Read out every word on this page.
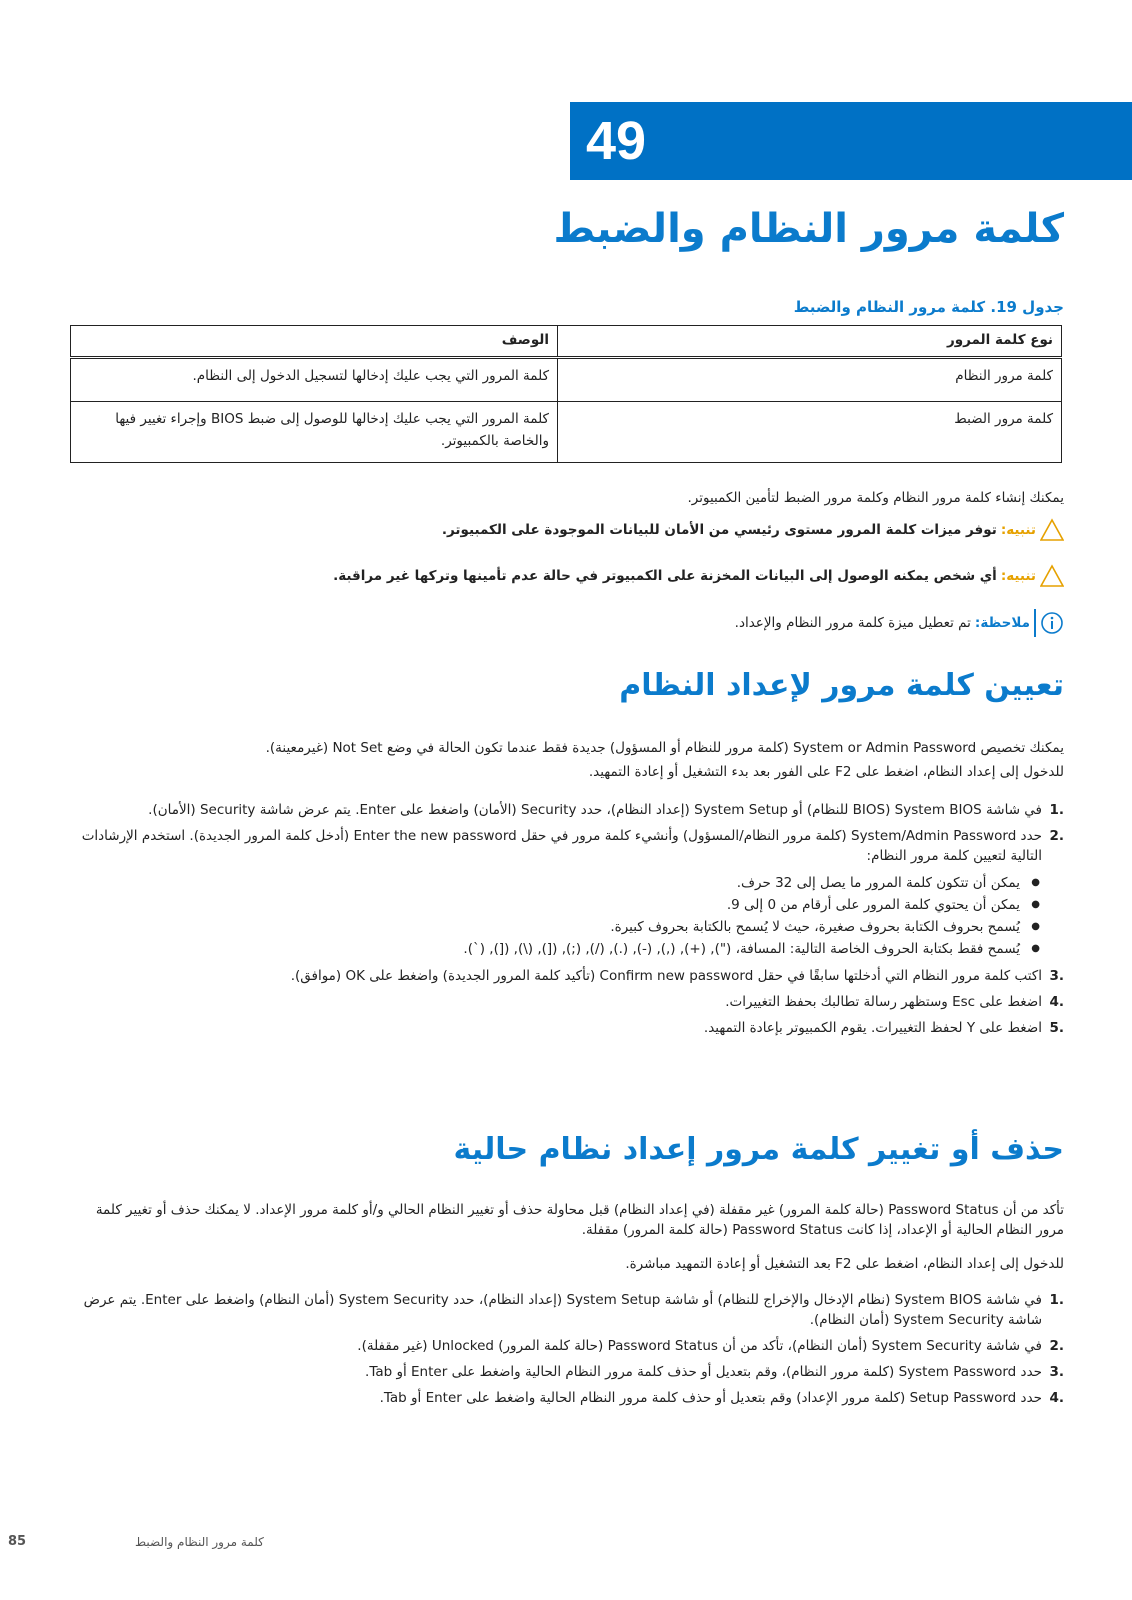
49
كلمة مرور النظام والضبط
جدول 19. كلمة مرور النظام والضبط
نوع كلمة المرور	الوصف
كلمة مرور النظام	كلمة المرور التي يجب عليك إدخالها لتسجيل الدخول إلى النظام.
كلمة مرور الضبط	كلمة المرور التي يجب عليك إدخالها للوصول إلى ضبط BIOS وإجراء تغيير فيها والخاصة بالكمبيوتر.
يمكنك إنشاء كلمة مرور النظام وكلمة مرور الضبط لتأمين الكمبيوتر.
تنبيه:
توفر ميزات كلمة المرور مستوى رئيسي من الأمان للبيانات الموجودة على الكمبيوتر.
تنبيه:
أي شخص يمكنه الوصول إلى البيانات المخزنة على الكمبيوتر في حالة عدم تأمينها وتركها غير مراقبة.
ملاحظة:
تم تعطيل ميزة كلمة مرور النظام والإعداد.
تعيين كلمة مرور لإعداد النظام
يمكنك تخصيص System or Admin Password (كلمة مرور للنظام أو المسؤول) جديدة فقط عندما تكون الحالة في وضع Not Set (غيرمعينة).
للدخول إلى إعداد النظام، اضغط على F2 على الفور بعد بدء التشغيل أو إعادة التمهيد.
.1
في شاشة System BIOS (BIOS للنظام) أو System Setup (إعداد النظام)، حدد Security (الأمان) واضغط على Enter. يتم عرض شاشة Security (الأمان).
.2
حدد System/Admin Password (كلمة مرور النظام/المسؤول) وأنشيء كلمة مرور في حقل Enter the new password (أدخل كلمة المرور الجديدة). استخدم الإرشادات التالية لتعيين كلمة مرور النظام:
● يمكن أن تتكون كلمة المرور ما يصل إلى 32 حرف.
● يمكن أن يحتوي كلمة المرور على أرقام من 0 إلى 9.
● يُسمح بحروف الكتابة بحروف صغيرة، حيث لا يُسمح بالكتابة بحروف كبيرة.
● يُسمح فقط بكتابة الحروف الخاصة التالية: المسافة، ("), (+), (,), (-), (.), (/), (;), ([), (\), ([), (`).
.3
اكتب كلمة مرور النظام التي أدخلتها سابقًا في حقل Confirm new password (تأكيد كلمة المرور الجديدة) واضغط على OK (موافق).
.4
اضغط على Esc وستظهر رسالة تطالبك بحفظ التغييرات.
.5
اضغط على Y لحفظ التغييرات. يقوم الكمبيوتر بإعادة التمهيد.
حذف أو تغيير كلمة مرور إعداد نظام حالية
تأكد من أن Password Status (حالة كلمة المرور) غير مقفلة (في إعداد النظام) قبل محاولة حذف أو تغيير النظام الحالي و/أو كلمة مرور الإعداد. لا يمكنك حذف أو تغيير كلمة مرور النظام الحالية أو الإعداد، إذا كانت Password Status (حالة كلمة المرور) مقفلة.
للدخول إلى إعداد النظام، اضغط على F2 بعد التشغيل أو إعادة التمهيد مباشرة.
.1
في شاشة System BIOS (نظام الإدخال والإخراج للنظام) أو شاشة System Setup (إعداد النظام)، حدد System Security (أمان النظام) واضغط على Enter. يتم عرض شاشة System Security (أمان النظام).
.2
في شاشة System Security (أمان النظام)، تأكد من أن Password Status (حالة كلمة المرور) Unlocked (غير مقفلة).
.3
حدد System Password (كلمة مرور النظام)، وقم بتعديل أو حذف كلمة مرور النظام الحالية واضغط على Enter أو Tab.
.4
حدد Setup Password (كلمة مرور الإعداد) وقم بتعديل أو حذف كلمة مرور النظام الحالية واضغط على Enter أو Tab.
كلمة مرور النظام والضبط
85
